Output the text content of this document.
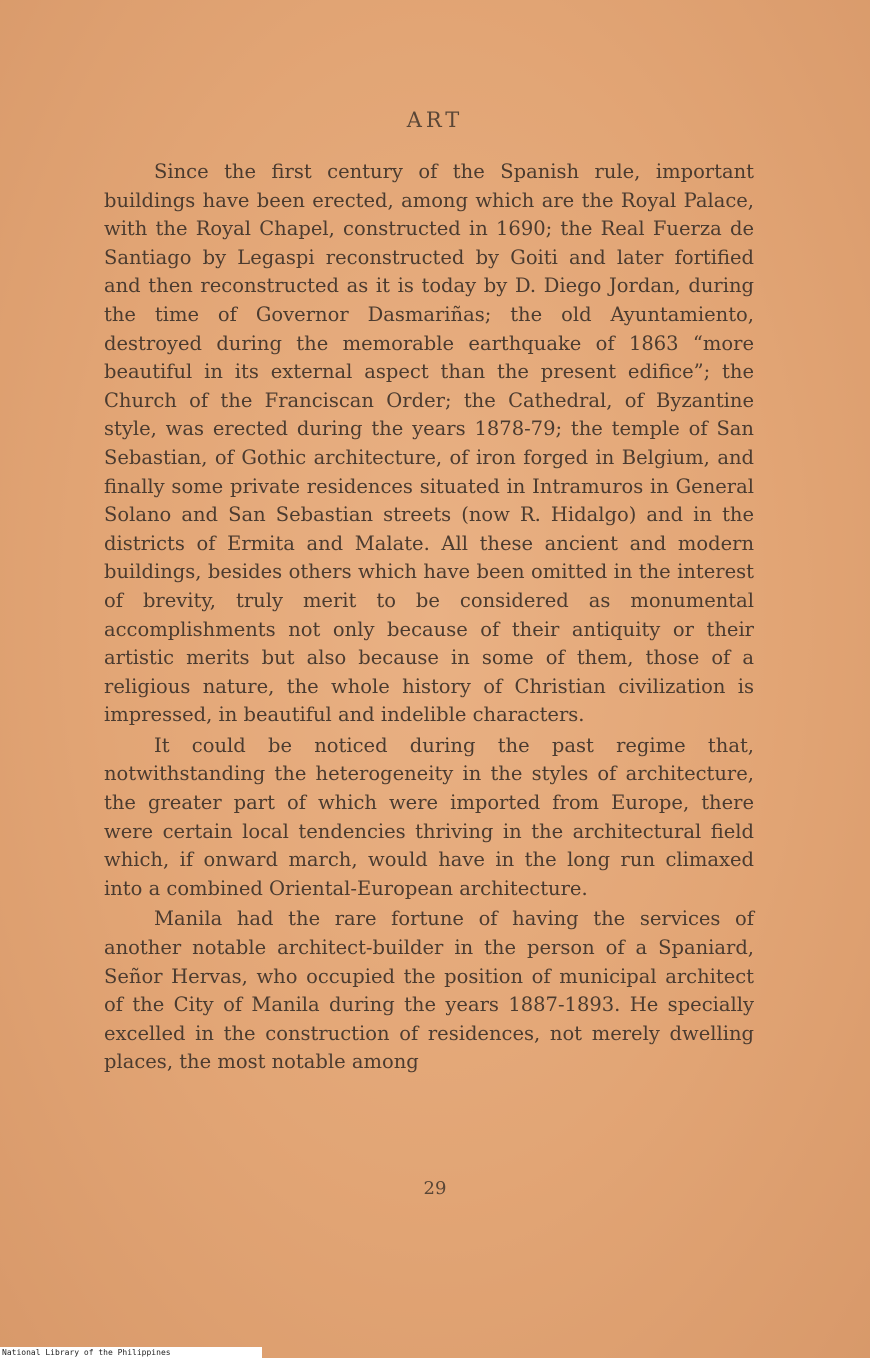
ART

Since the first century of the Spanish rule, important buildings have been erected, among which are the Royal Palace, with the Royal Chapel, constructed in 1690; the Real Fuerza de Santiago by Legaspi reconstructed by Goiti and later fortified and then reconstructed as it is today by D. Diego Jordan, during the time of Governor Dasmariñas; the old Ayuntamiento, destroyed during the memorable earthquake of 1863 “more beautiful in its external aspect than the present edifice”; the Church of the Franciscan Order; the Cathedral, of Byzantine style, was erected during the years 1878-79; the temple of San Sebastian, of Gothic architecture, of iron forged in Belgium, and finally some private residences situated in Intramuros in General Solano and San Sebastian streets (now R. Hidalgo) and in the districts of Ermita and Malate. All these ancient and modern buildings, besides others which have been omitted in the interest of brevity, truly merit to be considered as monumental accomplishments not only because of their antiquity or their artistic merits but also because in some of them, those of a religious nature, the whole history of Christian civilization is impressed, in beautiful and indelible characters.

It could be noticed during the past regime that, notwithstanding the heterogeneity in the styles of architecture, the greater part of which were imported from Europe, there were certain local tendencies thriving in the architectural field which, if onward march, would have in the long run climaxed into a combined Oriental-European architecture.

Manila had the rare fortune of having the services of another notable architect-builder in the person of a Spaniard, Señor Hervas, who occupied the position of municipal architect of the City of Manila during the years 1887-1893. He specially excelled in the construction of residences, not merely dwelling places, the most notable among

29
National Library of the Philippines
